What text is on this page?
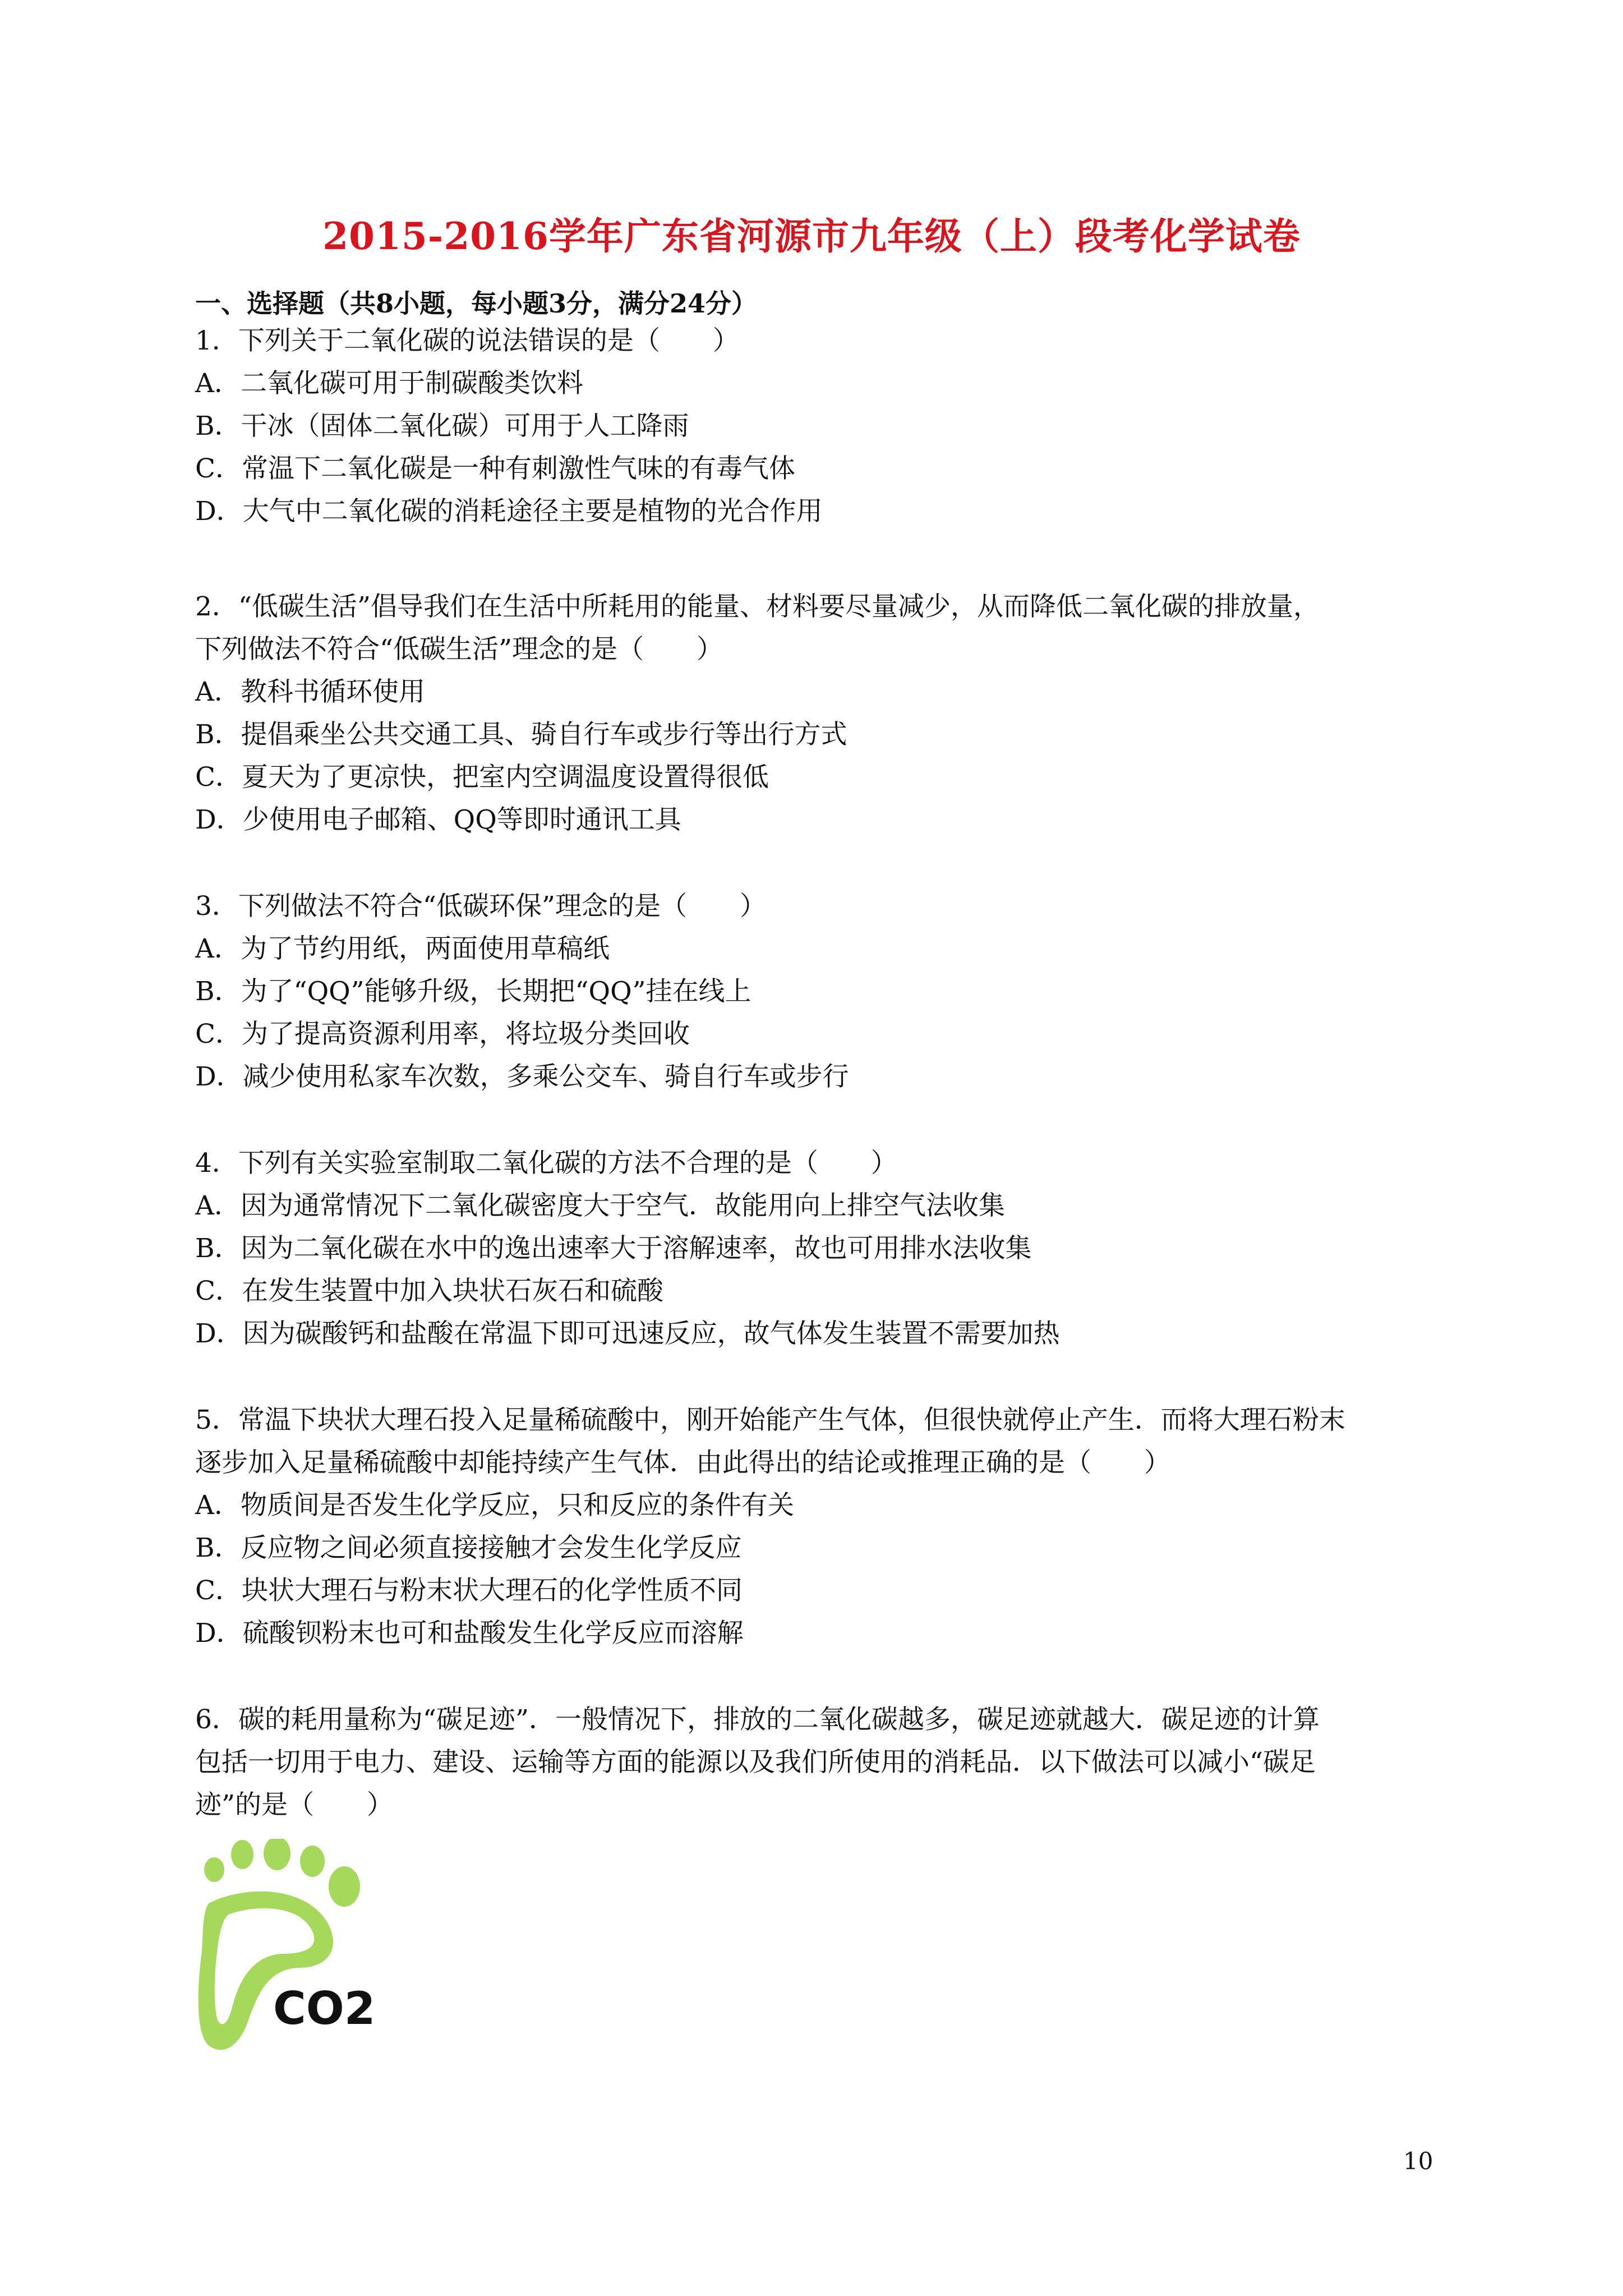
2015-2016学年广东省河源市九年级（上）段考化学试卷
一、选择题（共8小题，每小题3分，满分24分）
1．下列关于二氧化碳的说法错误的是（　　）
A．二氧化碳可用于制碳酸类饮料
B．干冰（固体二氧化碳）可用于人工降雨
C．常温下二氧化碳是一种有刺激性气味的有毒气体
D．大气中二氧化碳的消耗途径主要是植物的光合作用
2．“低碳生活”倡导我们在生活中所耗用的能量、材料要尽量减少，从而降低二氧化碳的排放量，
下列做法不符合“低碳生活”理念的是（　　）
A．教科书循环使用
B．提倡乘坐公共交通工具、骑自行车或步行等出行方式
C．夏天为了更凉快，把室内空调温度设置得很低
D．少使用电子邮箱、QQ等即时通讯工具
3．下列做法不符合“低碳环保”理念的是（　　）
A．为了节约用纸，两面使用草稿纸
B．为了“QQ”能够升级，长期把“QQ”挂在线上
C．为了提高资源利用率，将垃圾分类回收
D．减少使用私家车次数，多乘公交车、骑自行车或步行
4．下列有关实验室制取二氧化碳的方法不合理的是（　　）
A．因为通常情况下二氧化碳密度大于空气．故能用向上排空气法收集
B．因为二氧化碳在水中的逸出速率大于溶解速率，故也可用排水法收集
C．在发生装置中加入块状石灰石和硫酸
D．因为碳酸钙和盐酸在常温下即可迅速反应，故气体发生装置不需要加热
5．常温下块状大理石投入足量稀硫酸中，刚开始能产生气体，但很快就停止产生．而将大理石粉末
逐步加入足量稀硫酸中却能持续产生气体．由此得出的结论或推理正确的是（　　）
A．物质间是否发生化学反应，只和反应的条件有关
B．反应物之间必须直接接触才会发生化学反应
C．块状大理石与粉末状大理石的化学性质不同
D．硫酸钡粉末也可和盐酸发生化学反应而溶解
6．碳的耗用量称为“碳足迹”．一般情况下，排放的二氧化碳越多，碳足迹就越大．碳足迹的计算
包括一切用于电力、建设、运输等方面的能源以及我们所使用的消耗品．以下做法可以减小“碳足
迹”的是（　　）
CO2
10
